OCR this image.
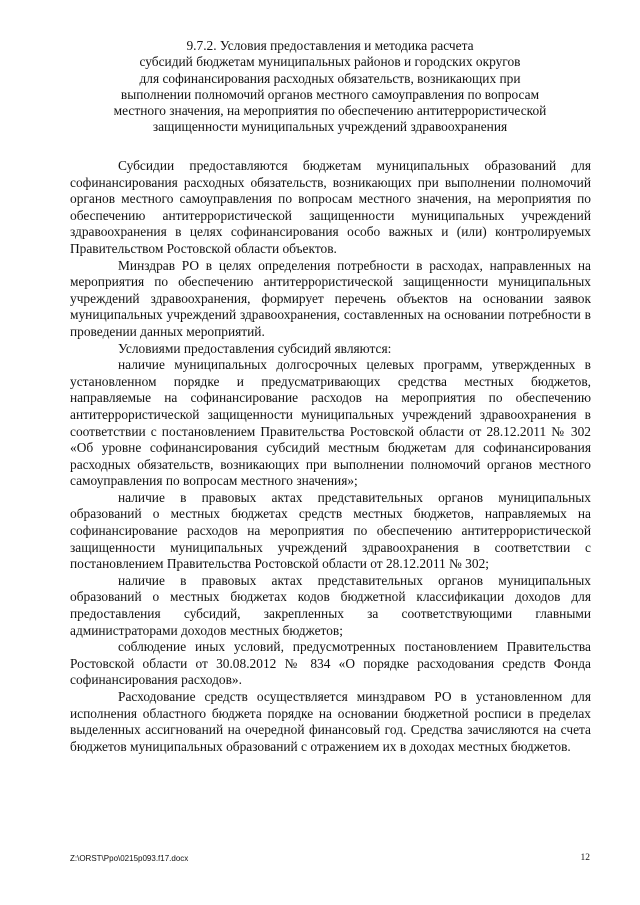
9.7.2. Условия предоставления и методика расчета
субсидий бюджетам муниципальных районов и городских округов
для софинансирования расходных обязательств, возникающих при
выполнении полномочий органов местного самоуправления по вопросам
местного значения, на мероприятия по обеспечению антитеррористической
защищенности муниципальных учреждений здравоохранения

Субсидии предоставляются бюджетам муниципальных образований для софинансирования расходных обязательств, возникающих при выполнении полномочий органов местного самоуправления по вопросам местного значения, на мероприятия по обеспечению антитеррористической защищенности муниципальных учреждений здравоохранения в целях софинансирования особо важных и (или) контролируемых Правительством Ростовской области объектов.

Минздрав РО в целях определения потребности в расходах, направленных на мероприятия по обеспечению антитеррористической защищенности муниципальных учреждений здравоохранения, формирует перечень объектов на основании заявок муниципальных учреждений здравоохранения, составленных на основании потребности в проведении данных мероприятий.

Условиями предоставления субсидий являются:

наличие муниципальных долгосрочных целевых программ, утвержденных в установленном порядке и предусматривающих средства местных бюджетов, направляемые на софинансирование расходов на мероприятия по обеспечению антитеррористической защищенности муниципальных учреждений здравоохранения в соответствии с постановлением Правительства Ростовской области от 28.12.2011 № 302 «Об уровне софинансирования субсидий местным бюджетам для софинансирования расходных обязательств, возникающих при выполнении полномочий органов местного самоуправления по вопросам местного значения»;

наличие в правовых актах представительных органов муниципальных образований о местных бюджетах средств местных бюджетов, направляемых на софинансирование расходов на мероприятия по обеспечению антитеррористической защищенности муниципальных учреждений здравоохранения в соответствии с постановлением Правительства Ростовской области от 28.12.2011 № 302;

наличие в правовых актах представительных органов муниципальных образований о местных бюджетах кодов бюджетной классификации доходов для предоставления субсидий, закрепленных за соответствующими главными администраторами доходов местных бюджетов;

соблюдение иных условий, предусмотренных постановлением Правительства Ростовской области от 30.08.2012 № 834 «О порядке расходования средств Фонда софинансирования расходов».

Расходование средств осуществляется минздравом РО в установленном для исполнения областного бюджета порядке на основании бюджетной росписи в пределах выделенных ассигнований на очередной финансовый год. Средства зачисляются на счета бюджетов муниципальных образований с отражением их в доходах местных бюджетов.

Z:\ORST\Ppo\0215p093.f17.docx	12
